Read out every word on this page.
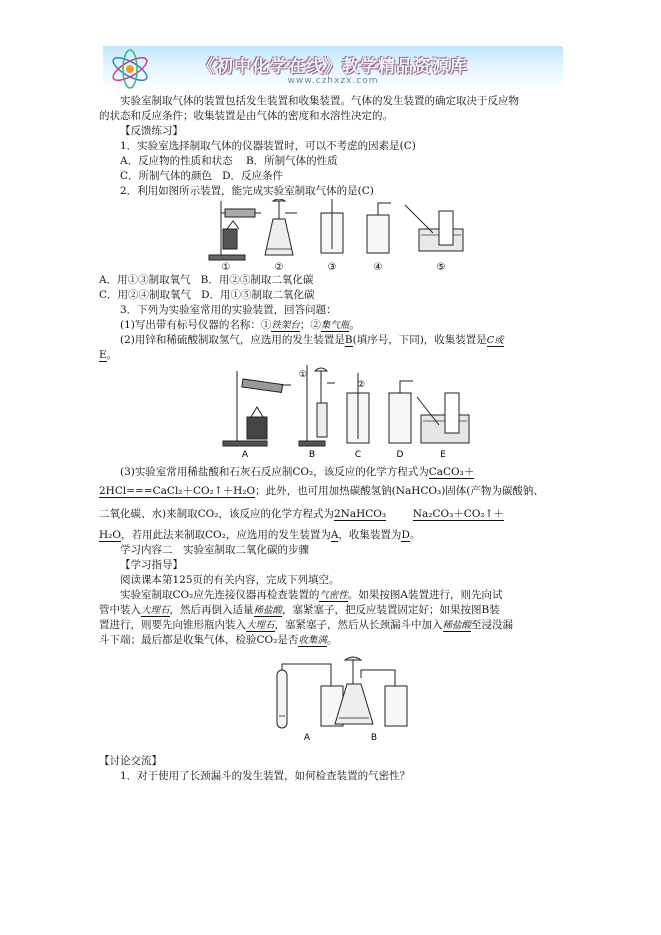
《初中化学在线》教学精品资源库
www.czhxzx.com

实验室制取气体的装置包括发生装置和收集装置。气体的发生装置的确定取决于反应物

的状态和反应条件；收集装置是由气体的密度和水溶性决定的。

【反馈练习】

1．实验室选择制取气体的仪器装置时，可以不考虑的因素是(C)

A．反应物的性质和状态 B．所制气体的性质

C．所制气体的颜色 D．反应条件

2．利用如图所示装置，能完成实验室制取气体的是(C)

①	②	③	④	⑤

A．用①③制取氧气 B．用②⑤制取二氧化碳

C．用②④制取氧气 D．用①⑤制取二氧化碳

3．下列为实验室常用的实验装置，回答问题：

(1)写出带有标号仪器的名称：①铁架台；②集气瓶。

(2)用锌和稀硫酸制取氢气，应选用的发生装置是B(填序号，下同)，收集装置是C或

E。

①
②
A	B	C	D	E

(3)实验室常用稀盐酸和石灰石反应制CO₂，该反应的化学方程式为CaCO₃＋

2HCl===CaCl₂＋CO₂↑＋H₂O；此外，也可用加热碳酸氢钠(NaHCO₃)固体(产物为碳酸钠、

二氧化碳、水)来制取CO₂，该反应的化学方程式为2NaHCO₃	Na₂CO₃＋CO₂↑＋

H₂O，若用此法来制取CO₂，应选用的发生装置为A，收集装置为D。

学习内容二　实验室制取二氧化碳的步骤

【学习指导】

阅读课本第125页的有关内容，完成下列填空。

实验室制取CO₂应先连接仪器再检查装置的气密性。如果按图A装置进行，则先向试

管中装入大理石，然后再倒入适量稀盐酸，塞紧塞子，把反应装置固定好；如果按图B装

置进行，则要先向锥形瓶内装入大理石，塞紧塞子，然后从长颈漏斗中加入稀盐酸至浸没漏

斗下端；最后都是收集气体，检验CO₂是否收集满。

A	B

【讨论交流】

1．对于使用了长颈漏斗的发生装置，如何检查装置的气密性？
